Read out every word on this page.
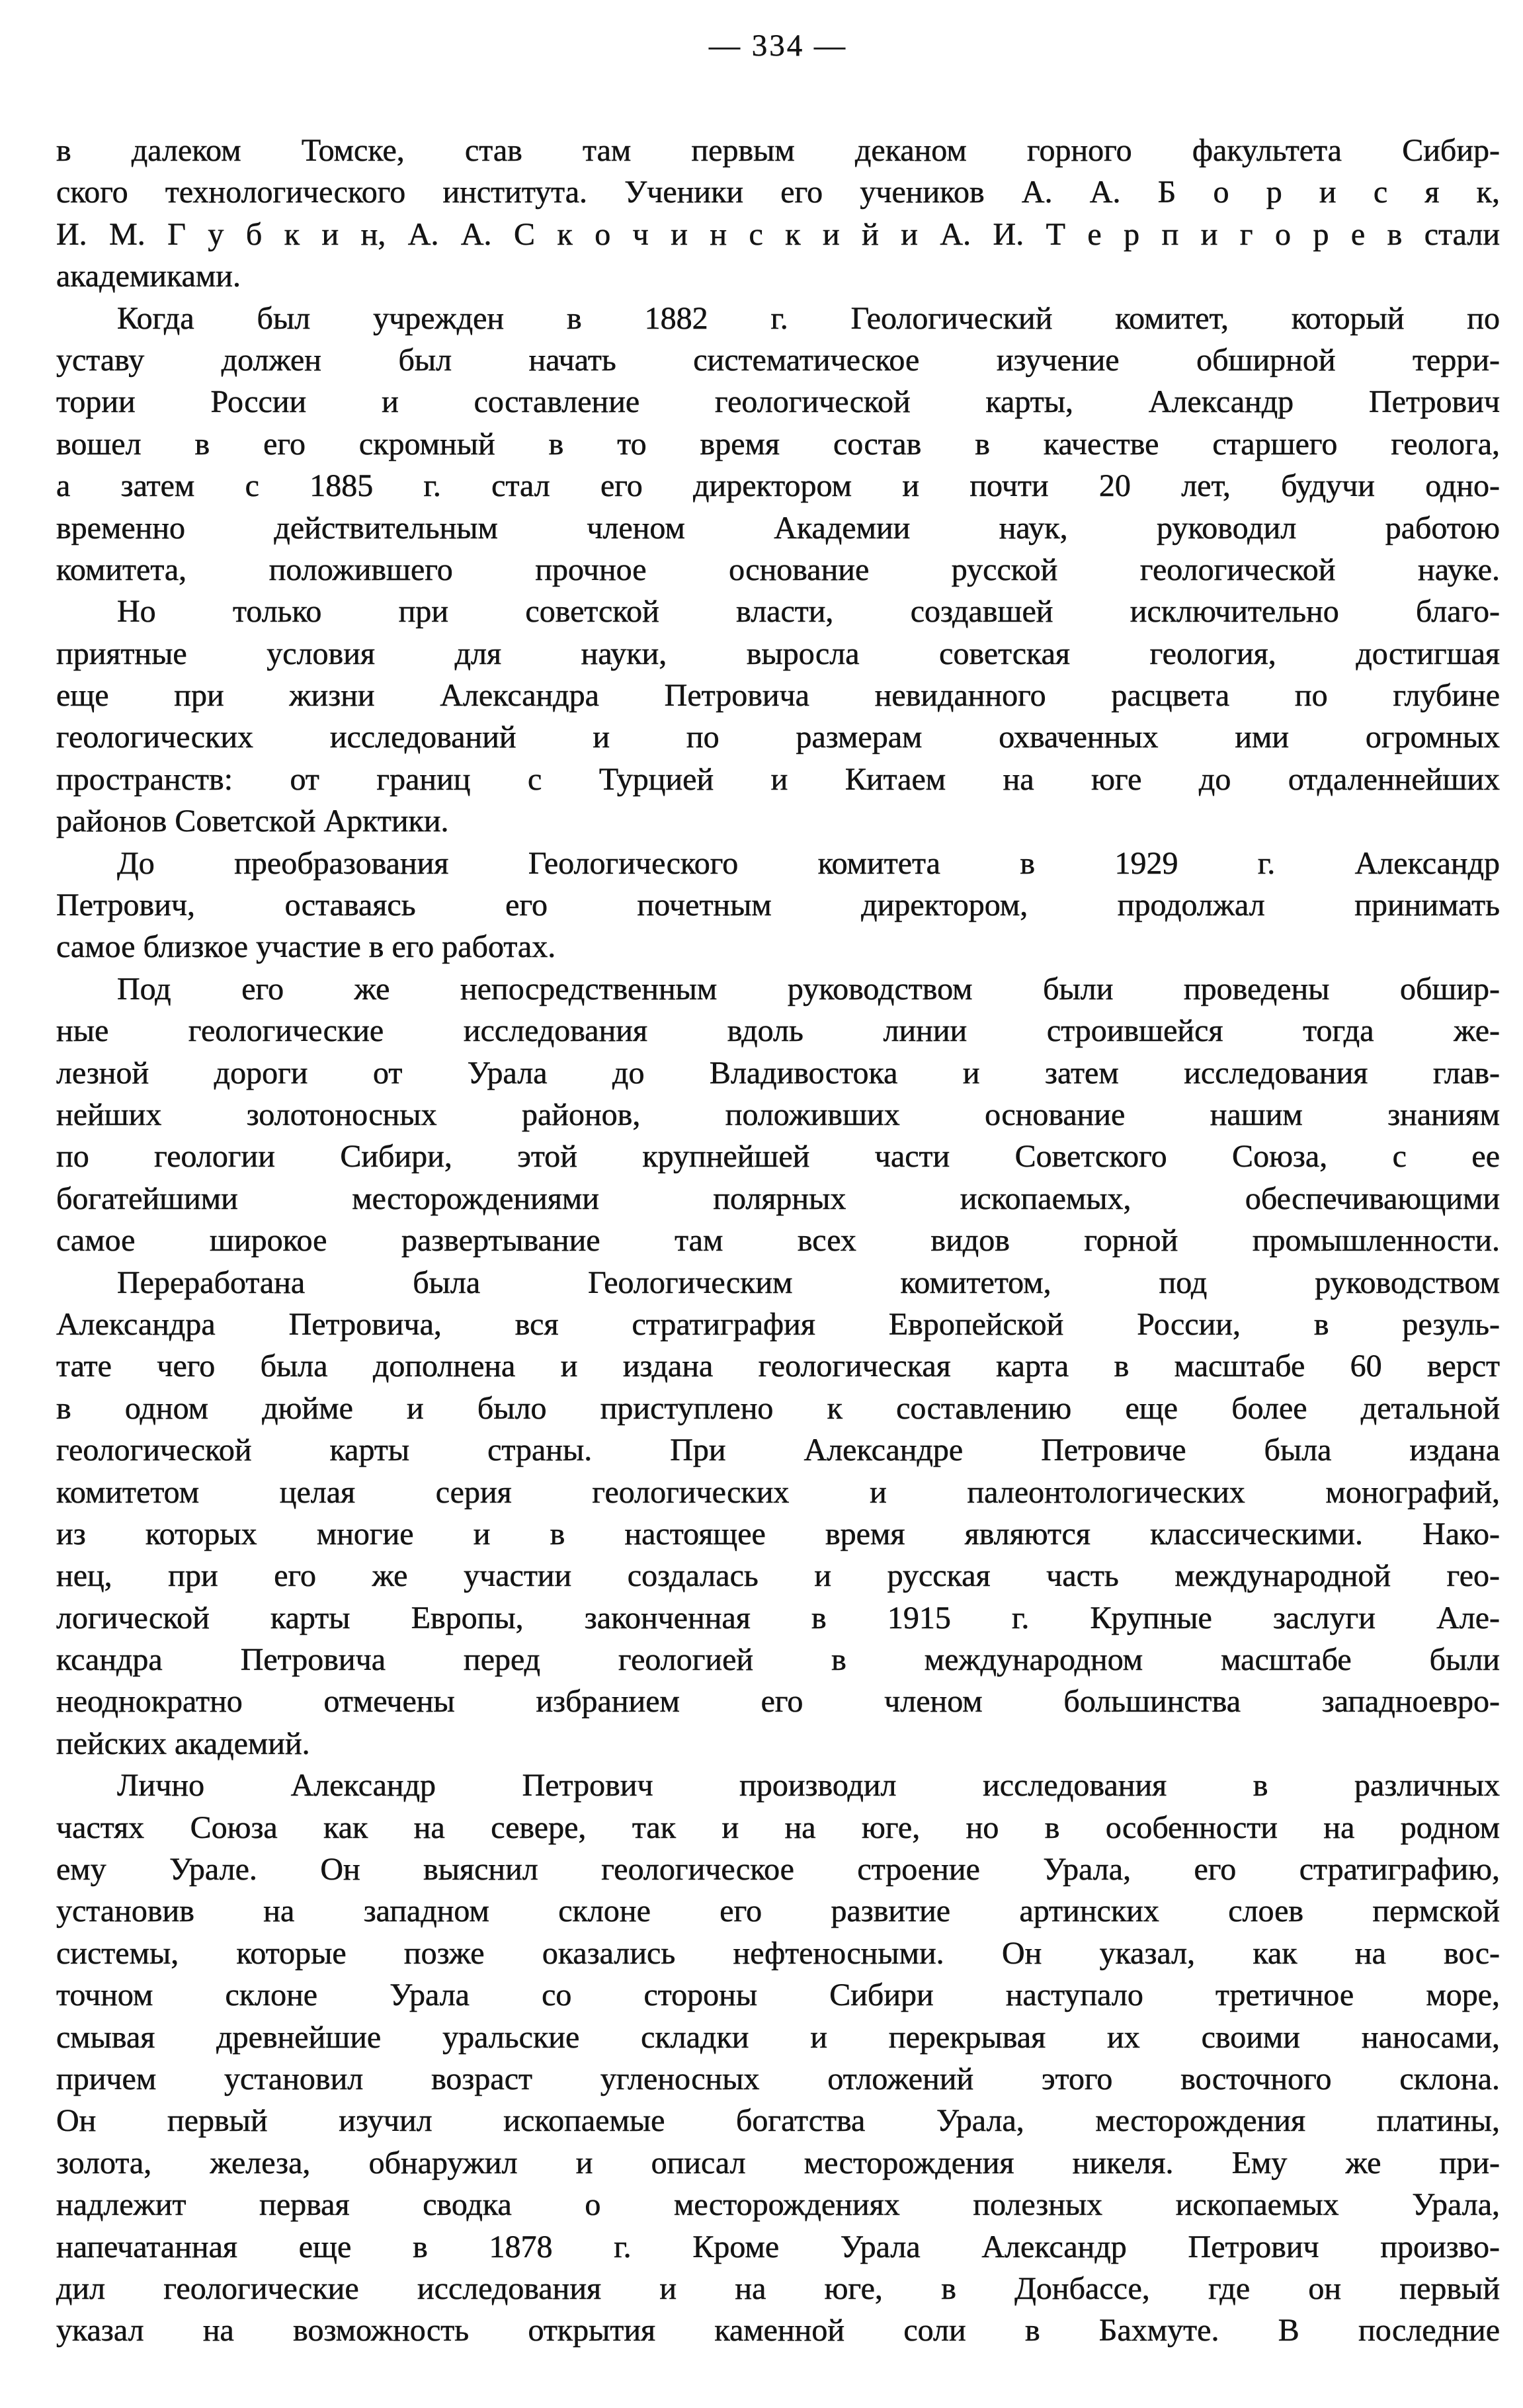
— 334 —
в далеком Томске, став там первым деканом горного факультета Сибир-
ского технологического института. Ученики его учеников А. А. Б о р и с я к,
И. М. Г у б к и н, А. А. С к о ч и н с к и й и А. И. Т е р п и г о р е в стали
академиками.
Когда был учрежден в 1882 г. Геологический комитет, который по
уставу должен был начать систематическое изучение обширной терри-
тории России и составление геологической карты, Александр Петрович
вошел в его скромный в то время состав в качестве старшего геолога,
а затем с 1885 г. стал его директором и почти 20 лет, будучи одно-
временно действительным членом Академии наук, руководил работою
комитета, положившего прочное основание русской геологической науке.
Но только при советской власти, создавшей исключительно благо-
приятные условия для науки, выросла советская геология, достигшая
еще при жизни Александра Петровича невиданного расцвета по глубине
геологических исследований и по размерам охваченных ими огромных
пространств: от границ с Турцией и Китаем на юге до отдаленнейших
районов Советской Арктики.
До преобразования Геологического комитета в 1929 г. Александр
Петрович, оставаясь его почетным директором, продолжал принимать
самое близкое участие в его работах.
Под его же непосредственным руководством были проведены обшир-
ные геологические исследования вдоль линии строившейся тогда же-
лезной дороги от Урала до Владивостока и затем исследования глав-
нейших золотоносных районов, положивших основание нашим знаниям
по геологии Сибири, этой крупнейшей части Советского Союза, с ее
богатейшими месторождениями полярных ископаемых, обеспечивающими
самое широкое развертывание там всех видов горной промышленности.
Переработана была Геологическим комитетом, под руководством
Александра Петровича, вся стратиграфия Европейской России, в резуль-
тате чего была дополнена и издана геологическая карта в масштабе 60 верст
в одном дюйме и было приступлено к составлению еще более детальной
геологической карты страны. При Александре Петровиче была издана
комитетом целая серия геологических и палеонтологических монографий,
из которых многие и в настоящее время являются классическими. Нако-
нец, при его же участии создалась и русская часть международной гео-
логической карты Европы, законченная в 1915 г. Крупные заслуги Але-
ксандра Петровича перед геологией в международном масштабе были
неоднократно отмечены избранием его членом большинства западноевро-
пейских академий.
Лично Александр Петрович производил исследования в различных
частях Союза как на севере, так и на юге, но в особенности на родном
ему Урале. Он выяснил геологическое строение Урала, его стратиграфию,
установив на западном склоне его развитие артинских слоев пермской
системы, которые позже оказались нефтеносными. Он указал, как на вос-
точном склоне Урала со стороны Сибири наступало третичное море,
смывая древнейшие уральские складки и перекрывая их своими наносами,
причем установил возраст угленосных отложений этого восточного склона.
Он первый изучил ископаемые богатства Урала, месторождения платины,
золота, железа, обнаружил и описал месторождения никеля. Ему же при-
надлежит первая сводка о месторождениях полезных ископаемых Урала,
напечатанная еще в 1878 г. Кроме Урала Александр Петрович произво-
дил геологические исследования и на юге, в Донбассе, где он первый
указал на возможность открытия каменной соли в Бахмуте. В последние
